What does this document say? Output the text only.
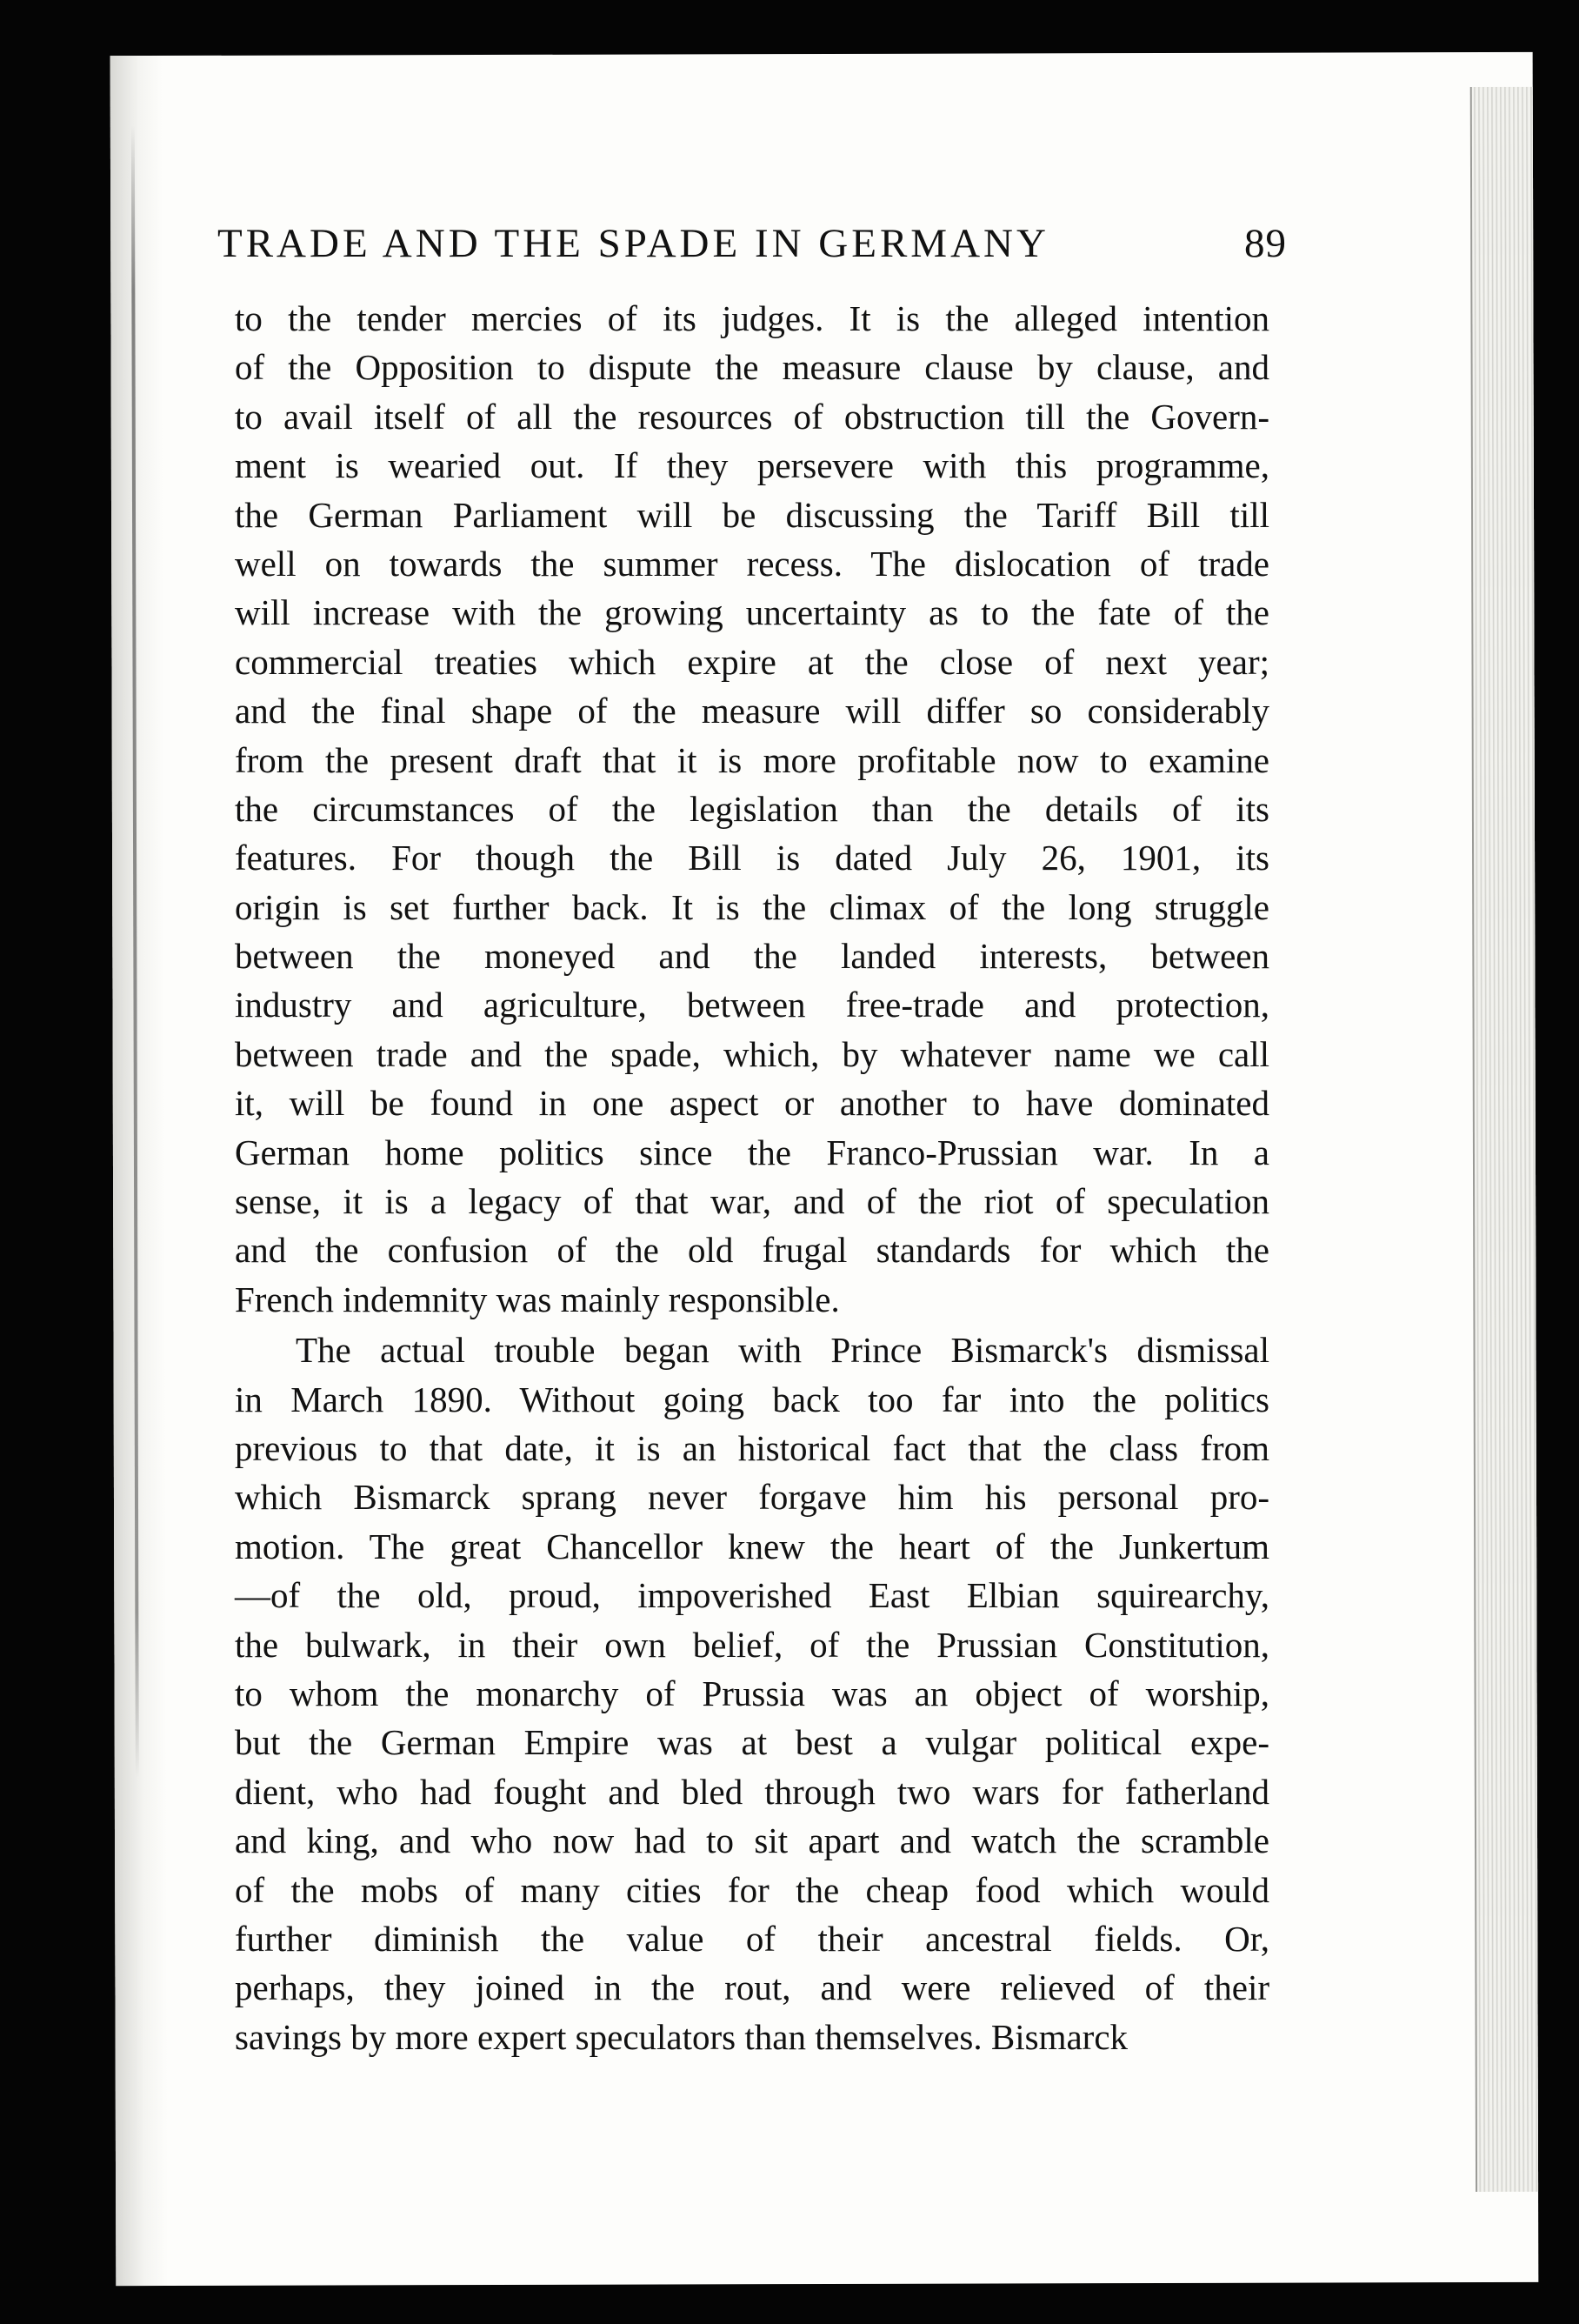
TRADE AND THE SPADE IN GERMANY	89
to the tender mercies of its judges. It is the alleged intention
of the Opposition to dispute the measure clause by clause, and
to avail itself of all the resources of obstruction till the Govern-
ment is wearied out. If they persevere with this programme,
the German Parliament will be discussing the Tariff Bill till
well on towards the summer recess. The dislocation of trade
will increase with the growing uncertainty as to the fate of the
commercial treaties which expire at the close of next year;
and the final shape of the measure will differ so considerably
from the present draft that it is more profitable now to examine
the circumstances of the legislation than the details of its
features. For though the Bill is dated July 26, 1901, its
origin is set further back. It is the climax of the long struggle
between the moneyed and the landed interests, between
industry and agriculture, between free-trade and protection,
between trade and the spade, which, by whatever name we call
it, will be found in one aspect or another to have dominated
German home politics since the Franco-Prussian war. In a
sense, it is a legacy of that war, and of the riot of speculation
and the confusion of the old frugal standards for which the
French indemnity was mainly responsible.
The actual trouble began with Prince Bismarck's dismissal
in March 1890. Without going back too far into the politics
previous to that date, it is an historical fact that the class from
which Bismarck sprang never forgave him his personal pro-
motion. The great Chancellor knew the heart of the Junkertum
—of the old, proud, impoverished East Elbian squirearchy,
the bulwark, in their own belief, of the Prussian Constitution,
to whom the monarchy of Prussia was an object of worship,
but the German Empire was at best a vulgar political expe-
dient, who had fought and bled through two wars for fatherland
and king, and who now had to sit apart and watch the scramble
of the mobs of many cities for the cheap food which would
further diminish the value of their ancestral fields. Or,
perhaps, they joined in the rout, and were relieved of their
savings by more expert speculators than themselves. Bismarck
